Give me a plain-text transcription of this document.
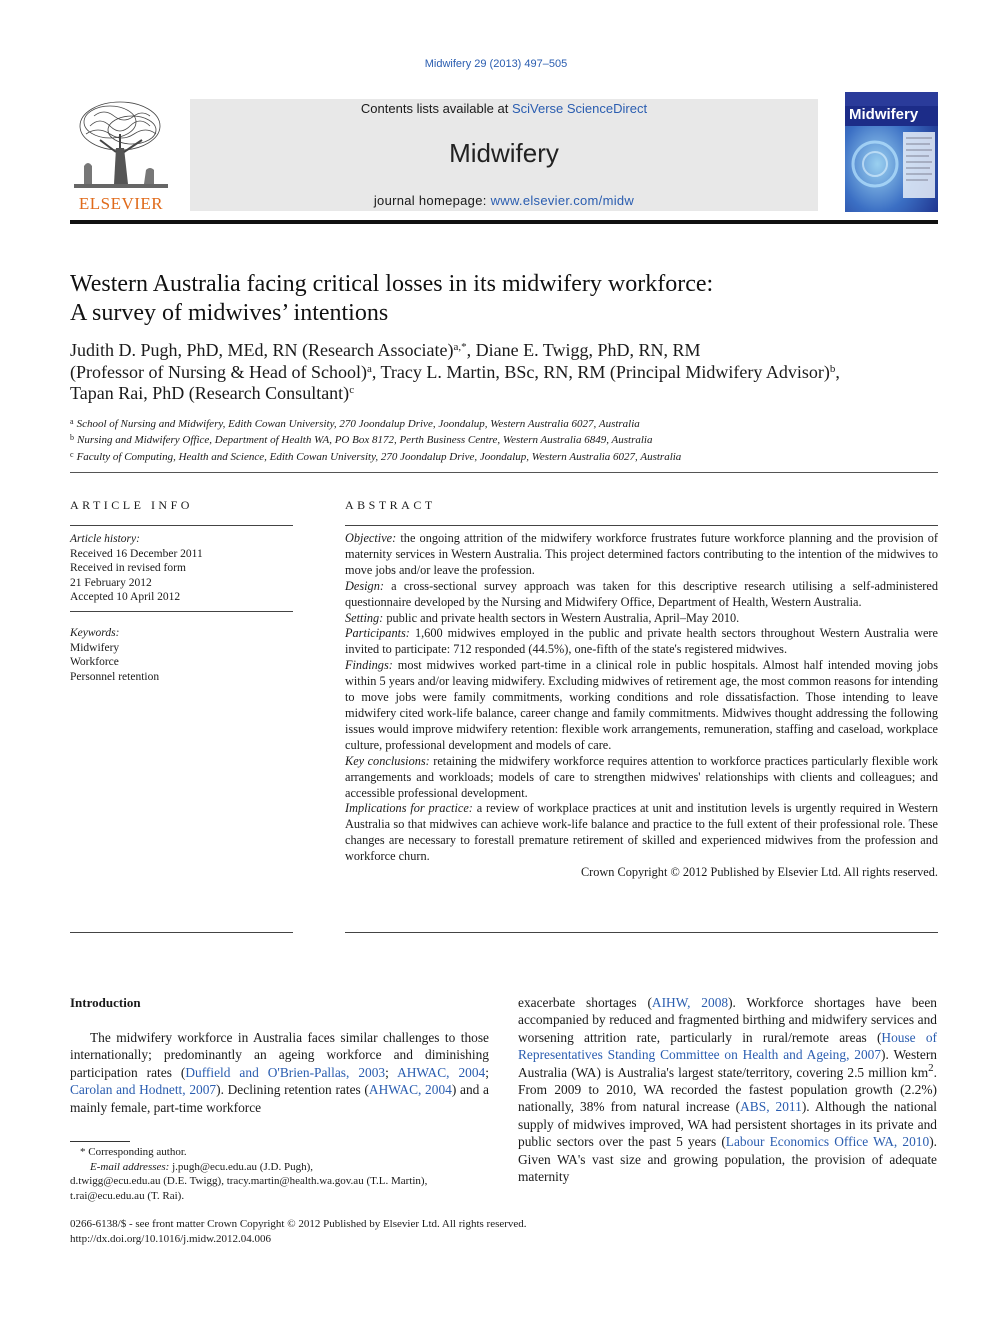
Midwifery 29 (2013) 497–505
ELSEVIER
Contents lists available at SciVerse ScienceDirect
Midwifery
journal homepage: www.elsevier.com/midw
Midwifery
Western Australia facing critical losses in its midwifery workforce:
A survey of midwives’ intentions
Judith D. Pugh, PhD, MEd, RN (Research Associate)$^{a,*}$, Diane E. Twigg, PhD, RN, RM
(Professor of Nursing & Head of School)$^a$, Tracy L. Martin, BSc, RN, RM (Principal Midwifery Advisor)$^b$,
Tapan Rai, PhD (Research Consultant)$^c$
$^a$ School of Nursing and Midwifery, Edith Cowan University, 270 Joondalup Drive, Joondalup, Western Australia 6027, Australia
$^b$ Nursing and Midwifery Office, Department of Health WA, PO Box 8172, Perth Business Centre, Western Australia 6849, Australia
$^c$ Faculty of Computing, Health and Science, Edith Cowan University, 270 Joondalup Drive, Joondalup, Western Australia 6027, Australia
ARTICLE INFO
Article history:
Received 16 December 2011
Received in revised form
21 February 2012
Accepted 10 April 2012
Keywords:
Midwifery
Workforce
Personnel retention
ABSTRACT

Objective: the ongoing attrition of the midwifery workforce frustrates future workforce planning and the provision of maternity services in Western Australia. This project determined factors contributing to the intention of the midwives to move jobs and/or leave the profession.

Design: a cross-sectional survey approach was taken for this descriptive research utilising a self-administered questionnaire developed by the Nursing and Midwifery Office, Department of Health, Western Australia.

Setting: public and private health sectors in Western Australia, April–May 2010.

Participants: 1,600 midwives employed in the public and private health sectors throughout Western Australia were invited to participate: 712 responded (44.5%), one-fifth of the state's registered midwives.

Findings: most midwives worked part-time in a clinical role in public hospitals. Almost half intended moving jobs within 5 years and/or leaving midwifery. Excluding midwives of retirement age, the most common reasons for intending to move jobs were family commitments, working conditions and role dissatisfaction. Those intending to leave midwifery cited work-life balance, career change and family commitments. Midwives thought addressing the following issues would improve midwifery retention: flexible work arrangements, remuneration, staffing and caseload, workplace culture, professional development and models of care.

Key conclusions: retaining the midwifery workforce requires attention to workforce practices particularly flexible work arrangements and workloads; models of care to strengthen midwives' relationships with clients and colleagues; and accessible professional development.

Implications for practice: a review of workplace practices at unit and institution levels is urgently required in Western Australia so that midwives can achieve work-life balance and practice to the full extent of their professional role. These changes are necessary to forestall premature retirement of skilled and experienced midwives from the profession and workforce churn.

Crown Copyright © 2012 Published by Elsevier Ltd. All rights reserved.

Introduction
The midwifery workforce in Australia faces similar challenges to those internationally; predominantly an ageing workforce and diminishing participation rates (Duffield and O'Brien-Pallas, 2003; AHWAC, 2004; Carolan and Hodnett, 2007). Declining retention rates (AHWAC, 2004) and a mainly female, part-time workforce
exacerbate shortages (AIHW, 2008). Workforce shortages have been accompanied by reduced and fragmented birthing and midwifery services and worsening attrition rate, particularly in rural/remote areas (House of Representatives Standing Committee on Health and Ageing, 2007). Western Australia (WA) is Australia's largest state/territory, covering 2.5 million $km^2$. From 2009 to 2010, WA recorded the fastest population growth (2.2%) nationally, 38% from natural increase (ABS, 2011). Although the national supply of midwives improved, WA had persistent shortages in its private and public sectors over the past 5 years (Labour Economics Office WA, 2010). Given WA's vast size and growing population, the provision of adequate maternity
* Corresponding author.
E-mail addresses: j.pugh@ecu.edu.au (J.D. Pugh),
d.twigg@ecu.edu.au (D.E. Twigg), tracy.martin@health.wa.gov.au (T.L. Martin),
t.rai@ecu.edu.au (T. Rai).
0266-6138/$ - see front matter Crown Copyright © 2012 Published by Elsevier Ltd. All rights reserved.
http://dx.doi.org/10.1016/j.midw.2012.04.006
